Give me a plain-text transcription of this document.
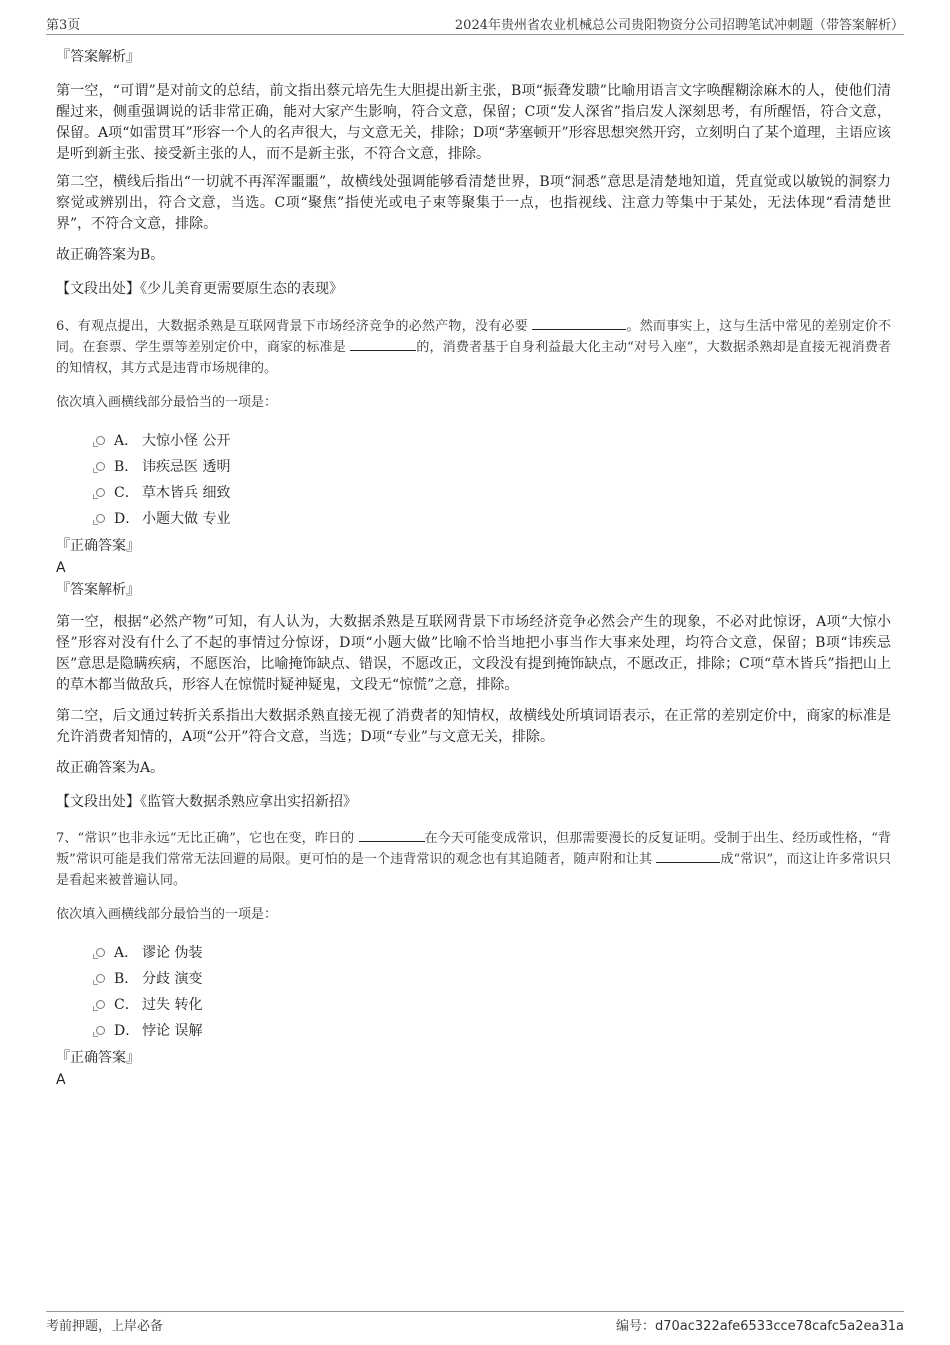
第3页	2024年贵州省农业机械总公司贵阳物资分公司招聘笔试冲刺题（带答案解析）

『答案解析』

第一空，“可谓”是对前文的总结，前文指出蔡元培先生大胆提出新主张，B项“振聋发聩”比喻用语言文字唤醒糊涂麻木的人，使他们清醒过来，侧重强调说的话非常正确，能对大家产生影响，符合文意，保留；C项“发人深省”指启发人深刻思考，有所醒悟，符合文意，保留。A项“如雷贯耳”形容一个人的名声很大，与文意无关，排除；D项“茅塞顿开”形容思想突然开窍，立刻明白了某个道理，主语应该是听到新主张、接受新主张的人，而不是新主张，不符合文意，排除。

第二空，横线后指出“一切就不再浑浑噩噩”，故横线处强调能够看清楚世界，B项“洞悉”意思是清楚地知道，凭直觉或以敏锐的洞察力察觉或辨别出，符合文意，当选。C项“聚焦”指使光或电子束等聚集于一点，也指视线、注意力等集中于某处，无法体现“看清楚世界”，不符合文意，排除。

故正确答案为B。

【文段出处】《少儿美育更需要原生态的表现》

6、有观点提出，大数据杀熟是互联网背景下市场经济竞争的必然产物，没有必要	。然而事实上，这与生活中常见的差别定价不同。在套票、学生票等差别定价中，商家的标准是	的，消费者基于自身利益最大化主动“对号入座”，大数据杀熟却是直接无视消费者的知情权，其方式是违背市场规律的。

依次填入画横线部分最恰当的一项是：

A． 大惊小怪 公开
B． 讳疾忌医 透明
C． 草木皆兵 细致
D． 小题大做 专业

『正确答案』

A

『答案解析』

第一空，根据“必然产物”可知，有人认为，大数据杀熟是互联网背景下市场经济竞争必然会产生的现象，不必对此惊讶，A项“大惊小怪”形容对没有什么了不起的事情过分惊讶，D项“小题大做”比喻不恰当地把小事当作大事来处理，均符合文意，保留；B项“讳疾忌医”意思是隐瞒疾病，不愿医治，比喻掩饰缺点、错误，不愿改正，文段没有提到掩饰缺点，不愿改正，排除；C项“草木皆兵”指把山上的草木都当做敌兵，形容人在惊慌时疑神疑鬼，文段无“惊慌”之意，排除。

第二空，后文通过转折关系指出大数据杀熟直接无视了消费者的知情权，故横线处所填词语表示，在正常的差别定价中，商家的标准是允许消费者知情的，A项“公开”符合文意，当选；D项“专业”与文意无关，排除。

故正确答案为A。

【文段出处】《监管大数据杀熟应拿出实招新招》

7、“常识”也非永远“无比正确”，它也在变，昨日的	在今天可能变成常识，但那需要漫长的反复证明。受制于出生、经历或性格，“背叛”常识可能是我们常常无法回避的局限。更可怕的是一个违背常识的观念也有其追随者，随声附和让其	成“常识”，而这让许多常识只是看起来被普遍认同。

依次填入画横线部分最恰当的一项是：

A． 谬论 伪装
B． 分歧 演变
C． 过失 转化
D． 悖论 误解

『正确答案』

A

考前押题，上岸必备	编号：d70ac322afe6533cce78cafc5a2ea31a
